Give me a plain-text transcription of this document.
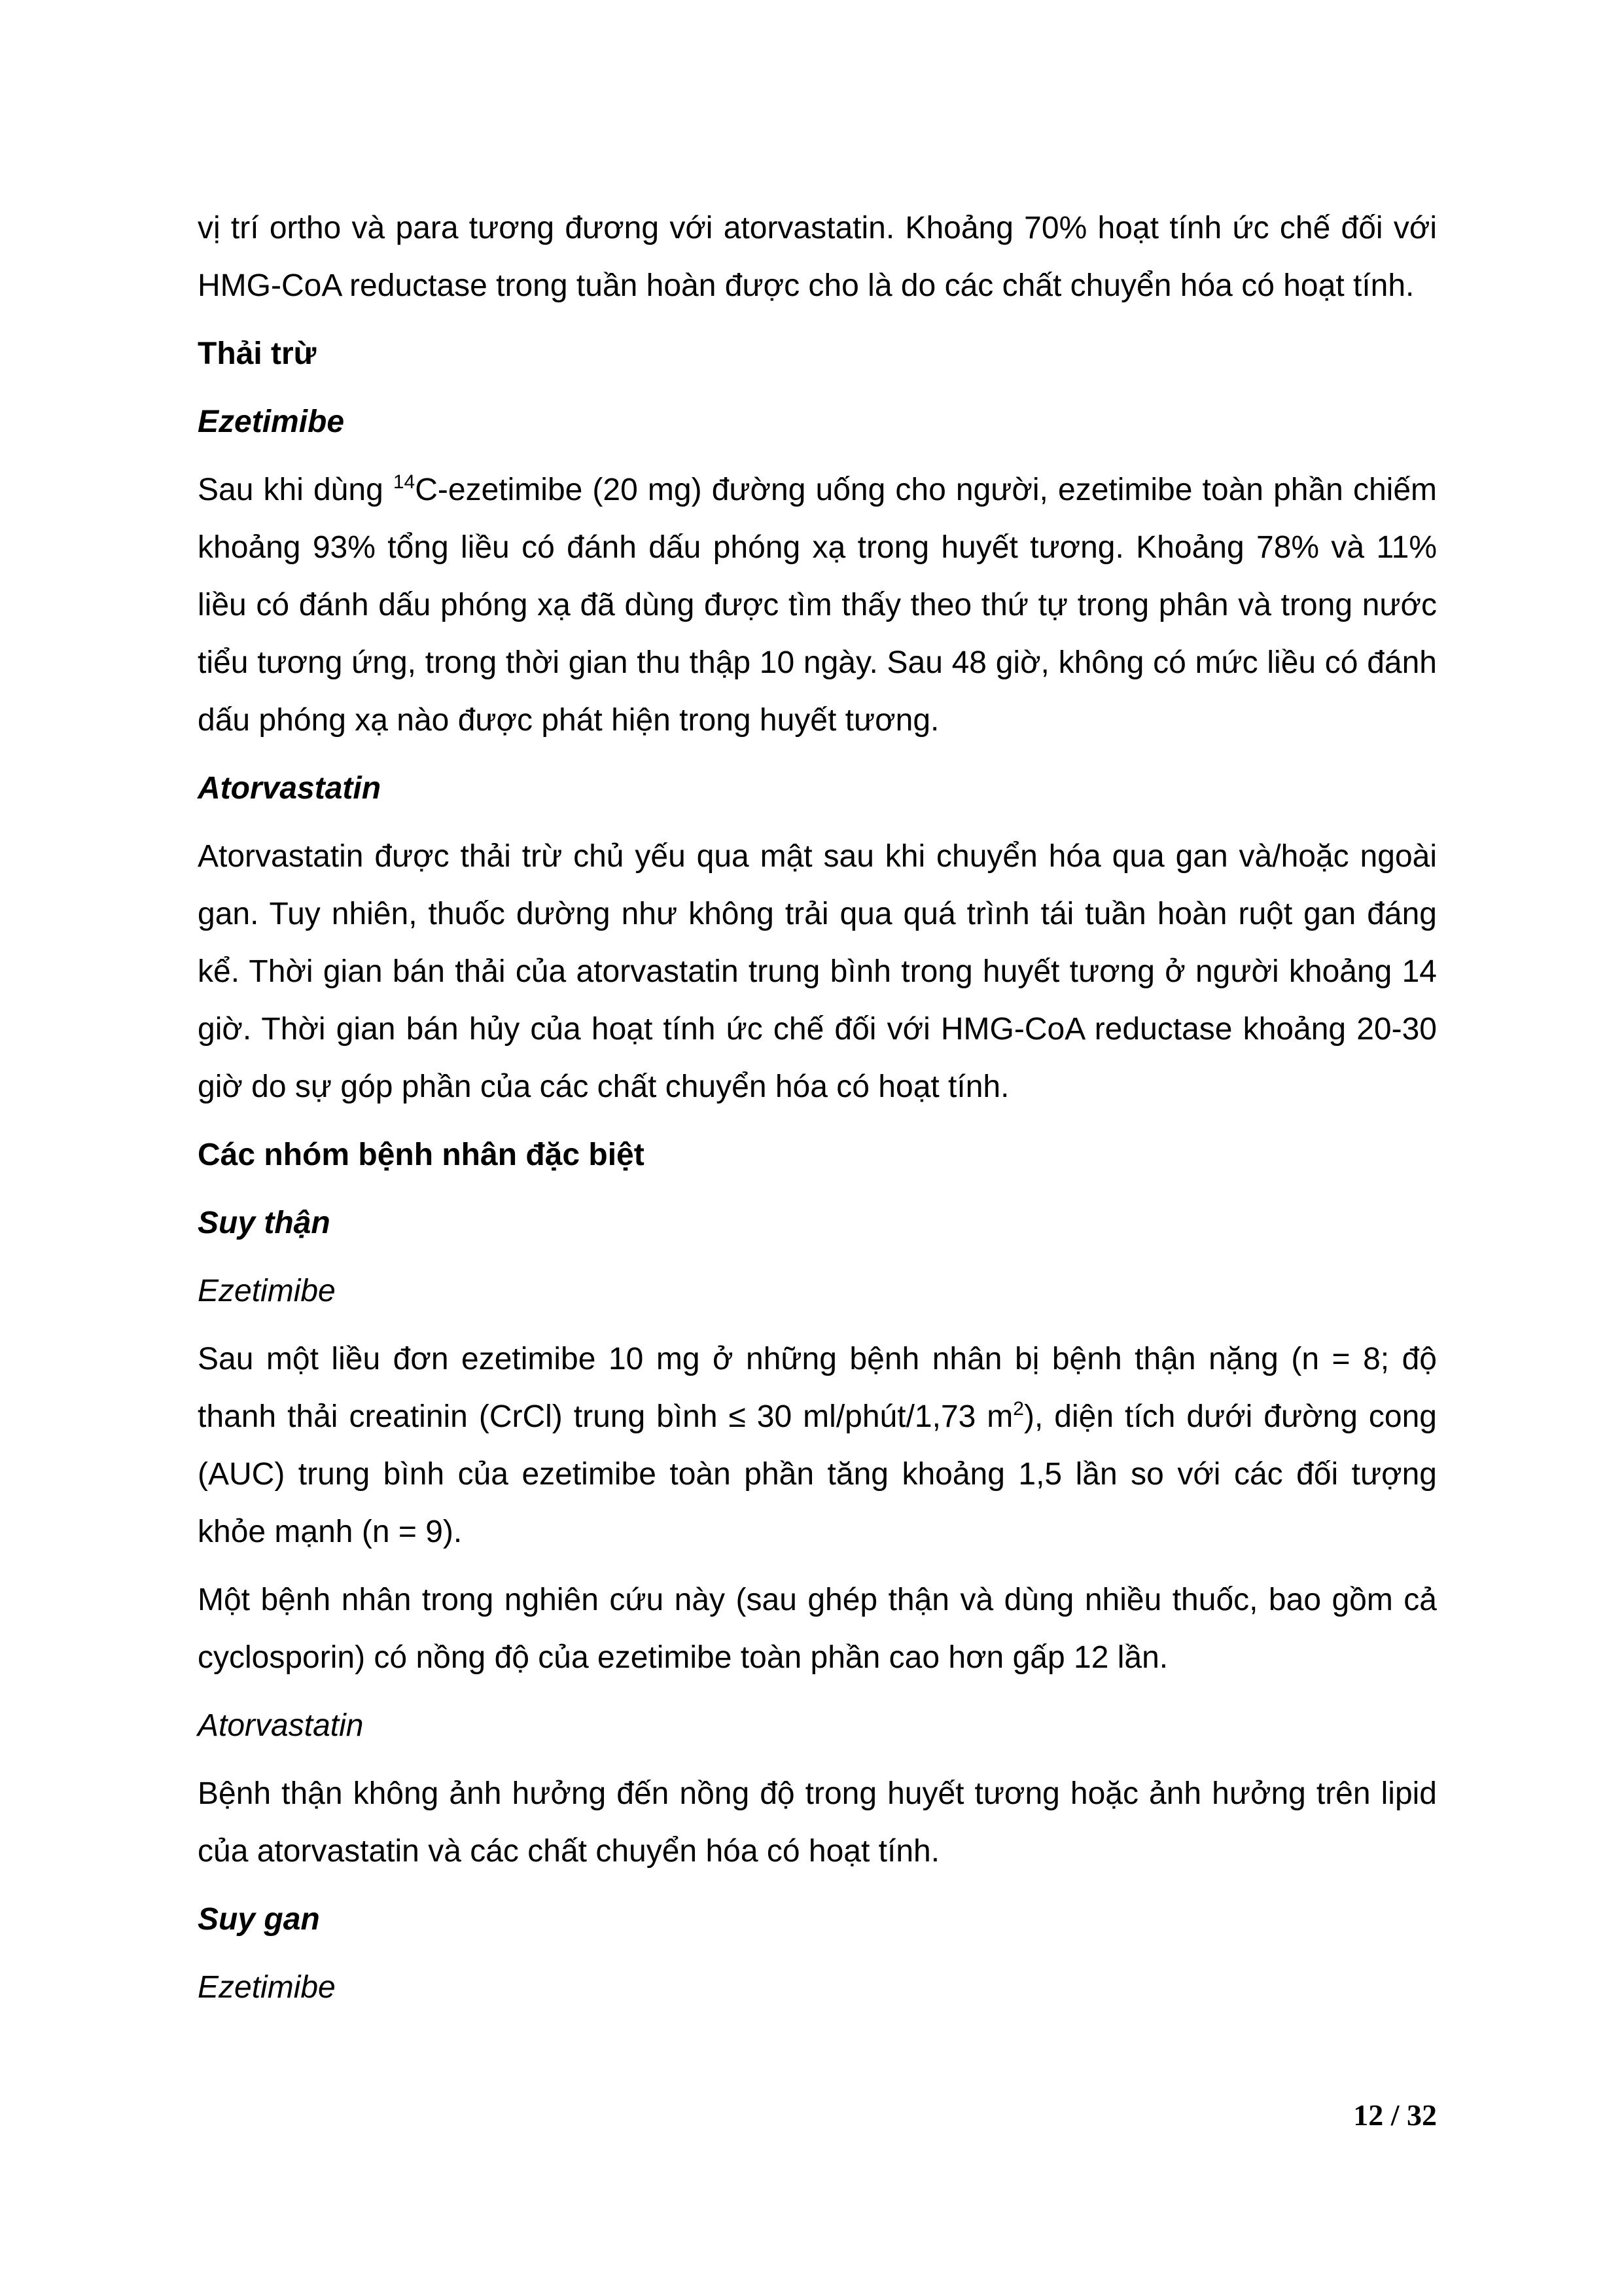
vị trí ortho và para tương đương với atorvastatin. Khoảng 70% hoạt tính ức chế đối với HMG-CoA reductase trong tuần hoàn được cho là do các chất chuyển hóa có hoạt tính.

Thải trừ

Ezetimibe

Sau khi dùng $^{14}$C-ezetimibe (20 mg) đường uống cho người, ezetimibe toàn phần chiếm khoảng 93% tổng liều có đánh dấu phóng xạ trong huyết tương. Khoảng 78% và 11% liều có đánh dấu phóng xạ đã dùng được tìm thấy theo thứ tự trong phân và trong nước tiểu tương ứng, trong thời gian thu thập 10 ngày. Sau 48 giờ, không có mức liều có đánh dấu phóng xạ nào được phát hiện trong huyết tương.

Atorvastatin

Atorvastatin được thải trừ chủ yếu qua mật sau khi chuyển hóa qua gan và/hoặc ngoài gan. Tuy nhiên, thuốc dường như không trải qua quá trình tái tuần hoàn ruột gan đáng kể. Thời gian bán thải của atorvastatin trung bình trong huyết tương ở người khoảng 14 giờ. Thời gian bán hủy của hoạt tính ức chế đối với HMG-CoA reductase khoảng 20-30 giờ do sự góp phần của các chất chuyển hóa có hoạt tính.

Các nhóm bệnh nhân đặc biệt

Suy thận

Ezetimibe

Sau một liều đơn ezetimibe 10 mg ở những bệnh nhân bị bệnh thận nặng (n = 8; độ thanh thải creatinin (CrCl) trung bình ≤ 30 ml/phút/1,73 $m^2$), diện tích dưới đường cong (AUC) trung bình của ezetimibe toàn phần tăng khoảng 1,5 lần so với các đối tượng khỏe mạnh (n = 9).

Một bệnh nhân trong nghiên cứu này (sau ghép thận và dùng nhiều thuốc, bao gồm cả cyclosporin) có nồng độ của ezetimibe toàn phần cao hơn gấp 12 lần.

Atorvastatin

Bệnh thận không ảnh hưởng đến nồng độ trong huyết tương hoặc ảnh hưởng trên lipid của atorvastatin và các chất chuyển hóa có hoạt tính.

Suy gan

Ezetimibe

12 / 32
